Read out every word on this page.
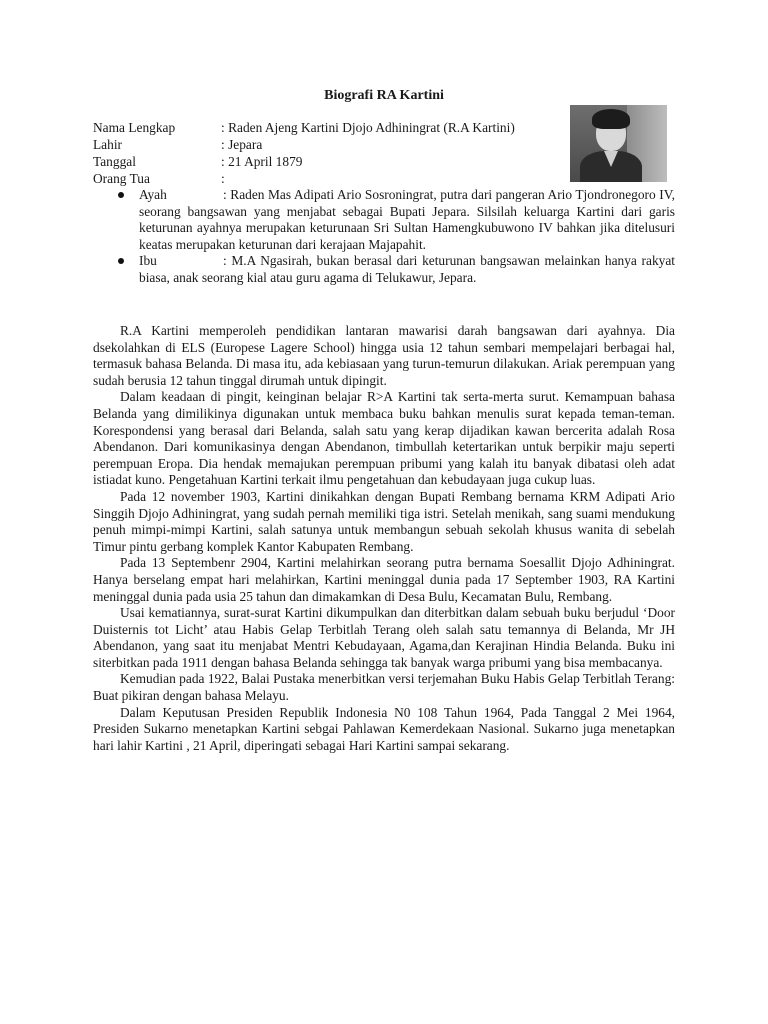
Biografi RA Kartini
Nama Lengkap	: Raden Ajeng Kartini Djojo Adhiningrat (R.A Kartini)
Lahir	: Jepara
Tanggal	: 21 April 1879
Orang Tua	:
Ayah	: Raden Mas Adipati Ario Sosroningrat, putra dari pangeran Ario Tjondronegoro IV, seorang bangsawan yang menjabat sebagai Bupati Jepara. Silsilah keluarga Kartini dari garis keturunan ayahnya merupakan keturunaan Sri Sultan Hamengkubuwono IV bahkan jika ditelusuri keatas merupakan keturunan dari kerajaan Majapahit.
Ibu	: M.A Ngasirah, bukan berasal dari keturunan bangsawan melainkan hanya rakyat biasa, anak seorang kial atau guru agama di Telukawur, Jepara.

R.A Kartini memperoleh pendidikan lantaran mawarisi darah bangsawan dari ayahnya. Dia dsekolahkan di ELS (Europese Lagere School) hingga usia 12 tahun sembari mempelajari berbagai hal, termasuk bahasa Belanda. Di masa itu, ada kebiasaan yang turun-temurun dilakukan. Ariak perempuan yang sudah berusia 12 tahun tinggal dirumah untuk dipingit.

Dalam keadaan di pingit, keinginan belajar R>A Kartini tak serta-merta surut. Kemampuan bahasa Belanda yang dimilikinya digunakan untuk membaca buku bahkan menulis surat kepada teman-teman. Korespondensi yang berasal dari Belanda, salah satu yang kerap dijadikan kawan bercerita adalah Rosa Abendanon. Dari komunikasinya dengan Abendanon, timbullah ketertarikan untuk berpikir maju seperti perempuan Eropa. Dia hendak memajukan perempuan pribumi yang kalah itu banyak dibatasi oleh adat istiadat kuno. Pengetahuan Kartini terkait ilmu pengetahuan dan kebudayaan juga cukup luas.

Pada 12 november 1903, Kartini dinikahkan dengan Bupati Rembang bernama KRM Adipati Ario Singgih Djojo Adhiningrat, yang sudah pernah memiliki tiga istri. Setelah menikah, sang suami mendukung penuh mimpi-mimpi Kartini, salah satunya untuk membangun sebuah sekolah khusus wanita di sebelah Timur pintu gerbang komplek Kantor Kabupaten Rembang.

Pada 13 Septembenr 2904, Kartini melahirkan seorang putra bernama Soesallit Djojo Adhiningrat. Hanya berselang empat hari melahirkan, Kartini meninggal dunia pada 17 September 1903, RA Kartini meninggal dunia pada usia 25 tahun dan dimakamkan di Desa Bulu, Kecamatan Bulu, Rembang.

Usai kematiannya, surat-surat Kartini dikumpulkan dan diterbitkan dalam sebuah buku berjudul ‘Door Duisternis tot Licht’ atau Habis Gelap Terbitlah Terang oleh salah satu temannya di Belanda, Mr JH Abendanon, yang saat itu menjabat Mentri Kebudayaan, Agama,dan Kerajinan Hindia Belanda. Buku ini siterbitkan pada 1911 dengan bahasa Belanda sehingga tak banyak warga pribumi yang bisa membacanya.

Kemudian pada 1922, Balai Pustaka menerbitkan versi terjemahan Buku Habis Gelap Terbitlah Terang: Buat pikiran dengan bahasa Melayu.

Dalam Keputusan Presiden Republik Indonesia N0 108 Tahun 1964, Pada Tanggal 2 Mei 1964, Presiden Sukarno menetapkan Kartini sebgai Pahlawan Kemerdekaan Nasional. Sukarno juga menetapkan hari lahir Kartini , 21 April, diperingati sebagai Hari Kartini sampai sekarang.
